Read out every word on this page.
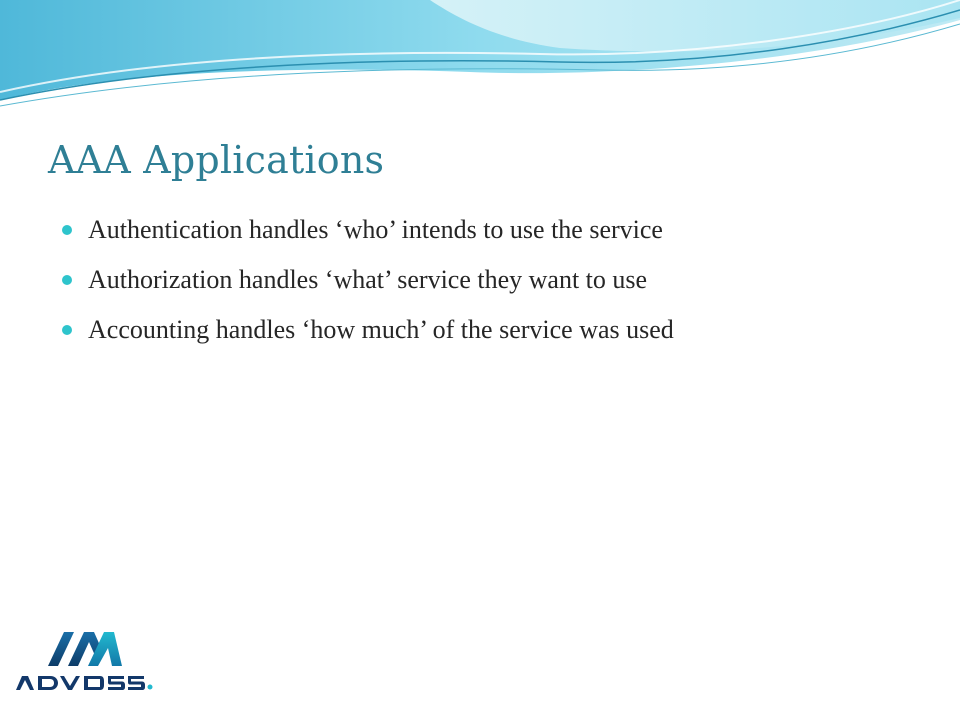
AAA Applications
Authentication handles ‘who’ intends to use the service
Authorization handles ‘what’ service they want to use
Accounting handles ‘how much’ of the service was used
